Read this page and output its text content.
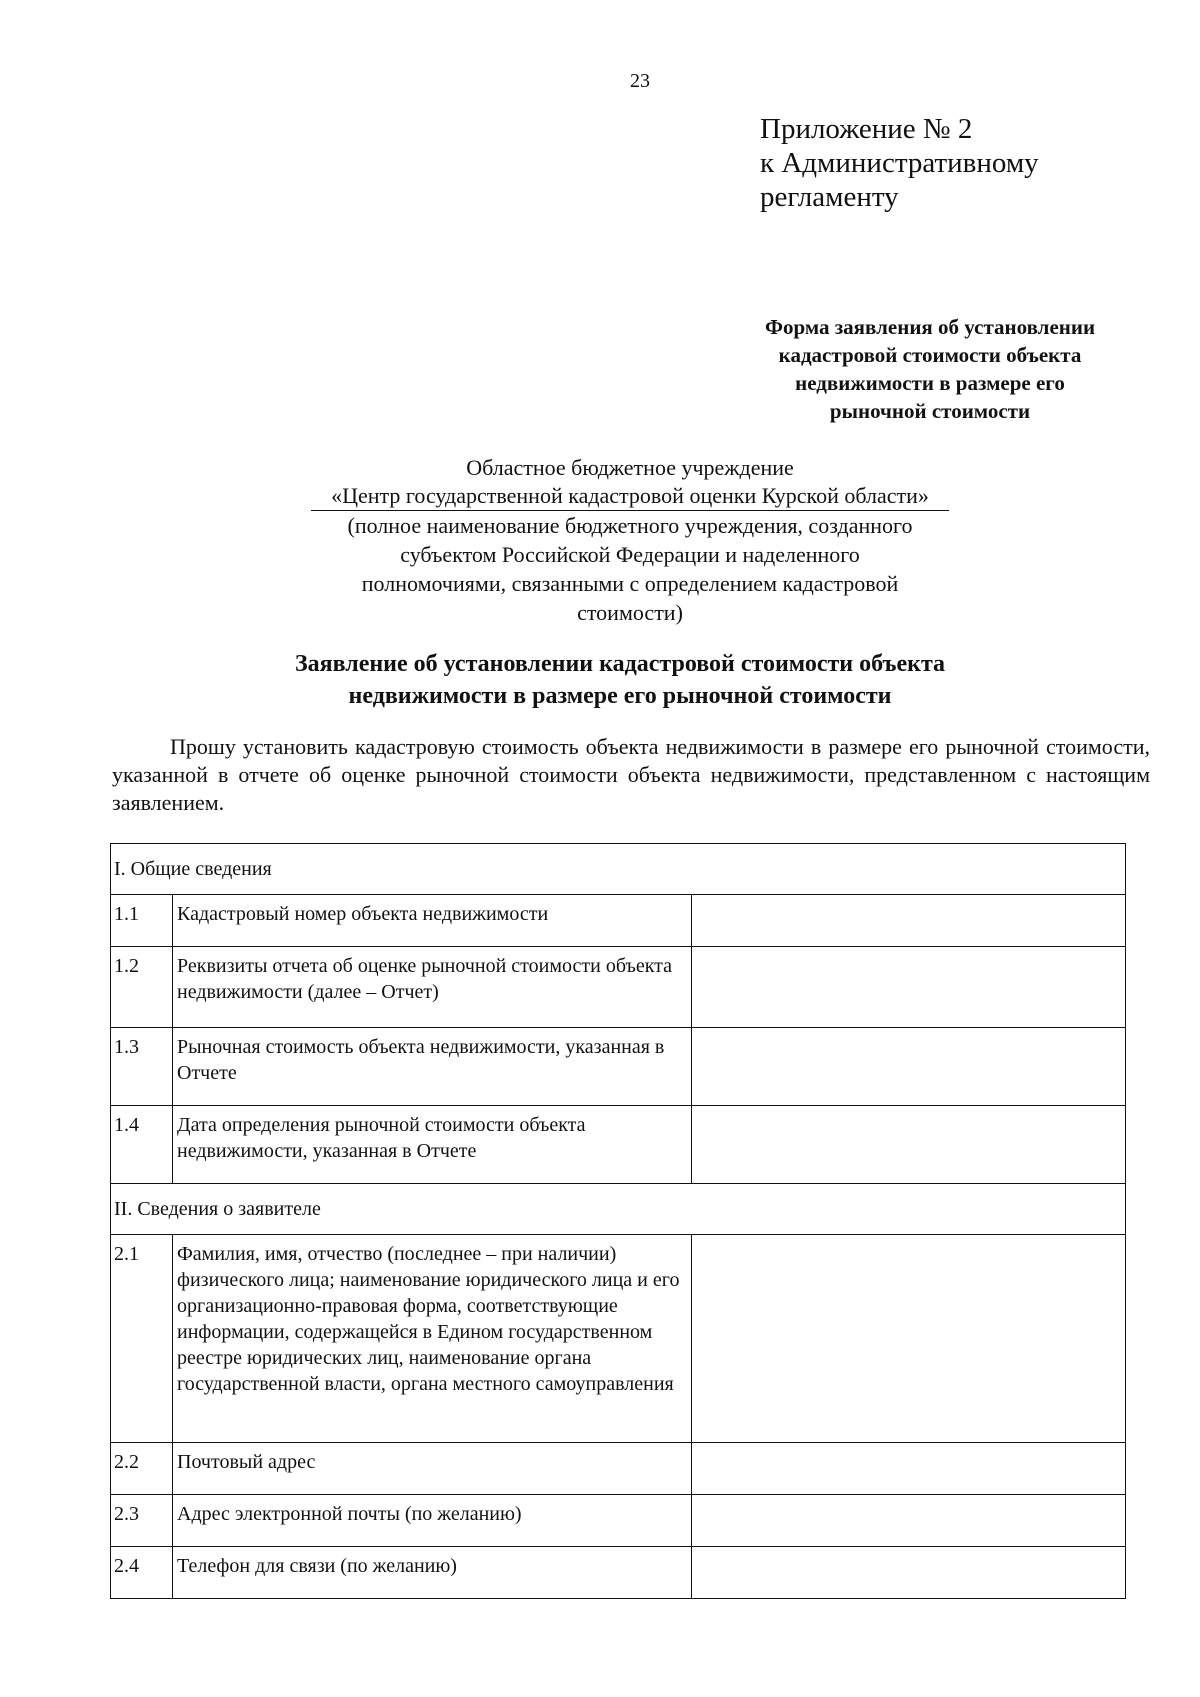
23
Приложение № 2
к Административному
регламенту
Форма заявления об установлении
кадастровой стоимости объекта
недвижимости в размере его
рыночной стоимости
Областное бюджетное учреждение
«Центр государственной кадастровой оценки Курской области»
(полное наименование бюджетного учреждения, созданного
субъектом Российской Федерации и наделенного
полномочиями, связанными с определением кадастровой
стоимости)
Заявление об установлении кадастровой стоимости объекта
недвижимости в размере его рыночной стоимости
Прошу установить кадастровую стоимость объекта недвижимости в размере его рыночной стоимости, указанной в отчете об оценке рыночной стоимости объекта недвижимости, представленном с настоящим заявлением.
I. Общие сведения		
1.1	Кадастровый номер объекта недвижимости	
1.2	Реквизиты отчета об оценке рыночной стоимости объекта недвижимости (далее – Отчет)	
1.3	Рыночная стоимость объекта недвижимости, указанная в Отчете	
1.4	Дата определения рыночной стоимости объекта недвижимости, указанная в Отчете	
II. Сведения о заявителе		
2.1	Фамилия, имя, отчество (последнее – при наличии) физического лица; наименование юридического лица и его организационно-правовая форма, соответствующие информации, содержащейся в Едином государственном реестре юридических лиц, наименование органа государственной власти, органа местного самоуправления	
2.2	Почтовый адрес	
2.3	Адрес электронной почты (по желанию)	
2.4	Телефон для связи (по желанию)	
